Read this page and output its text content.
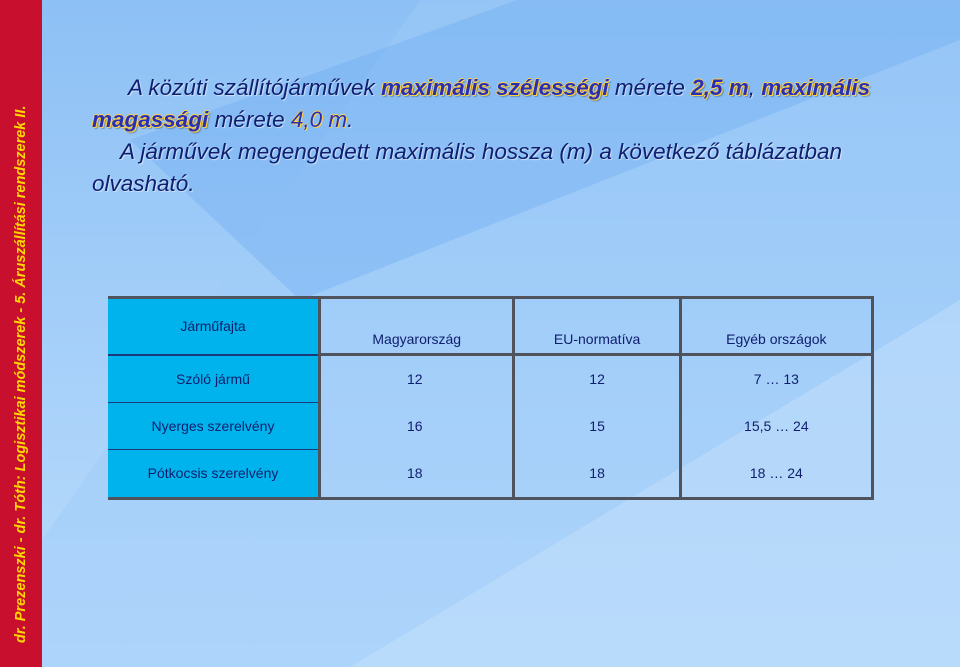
dr. Prezenszki - dr. Tóth: Logisztikai módszerek - 5. Áruszállítási rendszerek II.

A közúti szállítójárművek maximális szélességi mérete 2,5 m, maximális magassági mérete 4,0 m.

A járművek megengedett maximális hossza (m) a következő táblázatban olvasható.

Járműfajta	Magyarország	EU-normatíva	Egyéb országok
Szóló jármű	12	12	7 … 13
Nyerges szerelvény	16	15	15,5 … 24
Pótkocsis szerelvény	18	18	18 … 24
